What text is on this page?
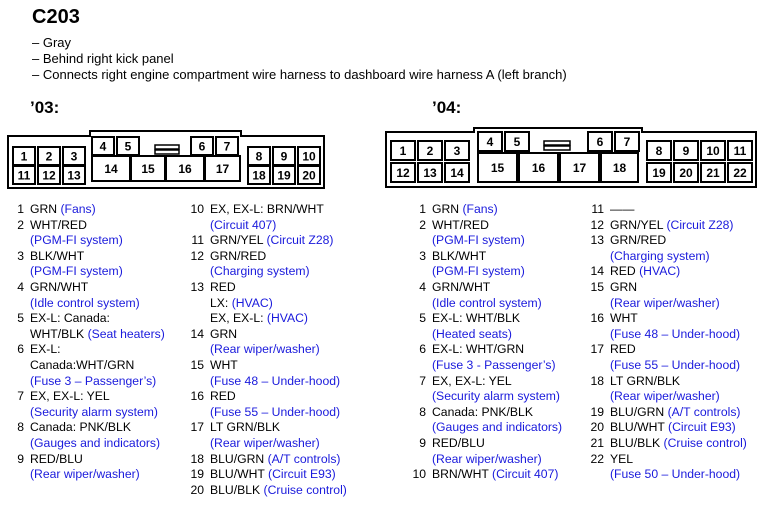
C203
– Gray
– Behind right kick panel
– Connects right engine compartment wire harness to dashboard wire harness A (left branch)
’03:	’04:
1 2 3
4 5	6 7
8 9 10
11 12 13 14 15 16 17 18 19 20
1 2 3
4 5	6 7
8 9 10 11
12 13 14 15 16 17 18 19 20 21 22
1 GRN (Fans)
2 WHT/RED
(PGM-FI system)
3 BLK/WHT
(PGM-FI system)
4 GRN/WHT
(Idle control system)
5 EX-L: Canada:
WHT/BLK (Seat heaters)
6 EX-L:
Canada:WHT/GRN
(Fuse 3 – Passenger’s)
7 EX, EX-L: YEL
(Security alarm system)
8 Canada: PNK/BLK
(Gauges and indicators)
9 RED/BLU
(Rear wiper/washer)
10 EX, EX-L: BRN/WHT
(Circuit 407)
11 GRN/YEL (Circuit Z28)
12 GRN/RED
(Charging system)
13 RED
LX: (HVAC)
EX, EX-L: (HVAC)
14 GRN
(Rear wiper/washer)
15 WHT
(Fuse 48 – Under-hood)
16 RED
(Fuse 55 – Under-hood)
17 LT GRN/BLK
(Rear wiper/washer)
18 BLU/GRN (A/T controls)
19 BLU/WHT (Circuit E93)
20 BLU/BLK (Cruise control)
1 GRN (Fans)
2 WHT/RED
(PGM-FI system)
3 BLK/WHT
(PGM-FI system)
4 GRN/WHT
(Idle control system)
5 EX-L: WHT/BLK
(Heated seats)
6 EX-L: WHT/GRN
(Fuse 3 - Passenger’s)
7 EX, EX-L: YEL
(Security alarm system)
8 Canada: PNK/BLK
(Gauges and indicators)
9 RED/BLU
(Rear wiper/washer)
10 BRN/WHT (Circuit 407)
11 ——
12 GRN/YEL (Circuit Z28)
13 GRN/RED
(Charging system)
14 RED (HVAC)
15 GRN
(Rear wiper/washer)
16 WHT
(Fuse 48 – Under-hood)
17 RED
(Fuse 55 – Under-hood)
18 LT GRN/BLK
(Rear wiper/washer)
19 BLU/GRN (A/T controls)
20 BLU/WHT (Circuit E93)
21 BLU/BLK (Cruise control)
22 YEL
(Fuse 50 – Under-hood)
